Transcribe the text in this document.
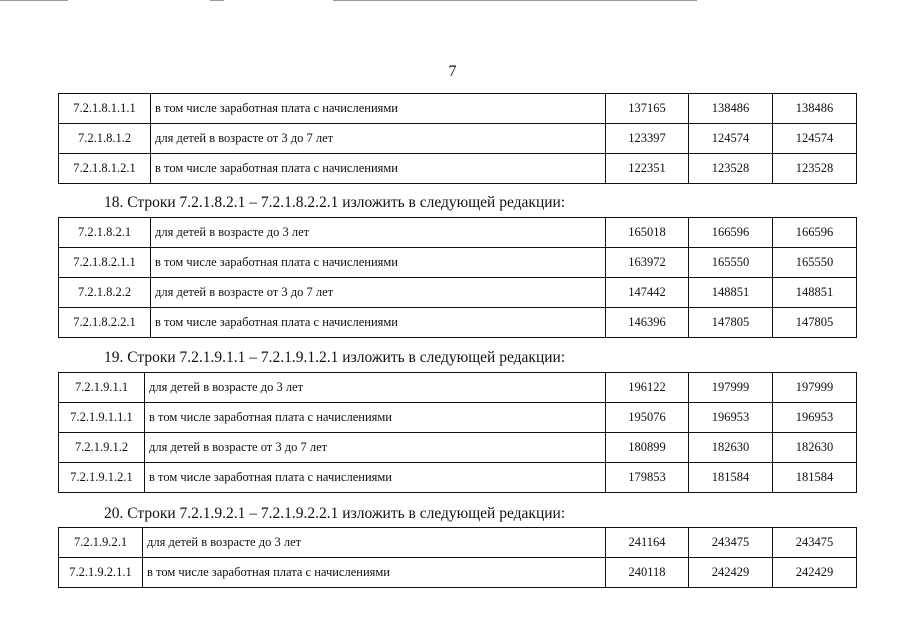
7
7.2.1.8.1.1.1	в том числе заработная плата с начислениями	137165	138486	138486
7.2.1.8.1.2	для детей в возрасте от 3 до 7 лет	123397	124574	124574
7.2.1.8.1.2.1	в том числе заработная плата с начислениями	122351	123528	123528
18. Строки 7.2.1.8.2.1 – 7.2.1.8.2.2.1 изложить в следующей редакции:
7.2.1.8.2.1	для детей в возрасте до 3 лет	165018	166596	166596
7.2.1.8.2.1.1	в том числе заработная плата с начислениями	163972	165550	165550
7.2.1.8.2.2	для детей в возрасте от 3 до 7 лет	147442	148851	148851
7.2.1.8.2.2.1	в том числе заработная плата с начислениями	146396	147805	147805
19. Строки 7.2.1.9.1.1 – 7.2.1.9.1.2.1 изложить в следующей редакции:
7.2.1.9.1.1	для детей в возрасте до 3 лет	196122	197999	197999
7.2.1.9.1.1.1	в том числе заработная плата с начислениями	195076	196953	196953
7.2.1.9.1.2	для детей в возрасте от 3 до 7 лет	180899	182630	182630
7.2.1.9.1.2.1	в том числе заработная плата с начислениями	179853	181584	181584
20. Строки 7.2.1.9.2.1 – 7.2.1.9.2.2.1 изложить в следующей редакции:
7.2.1.9.2.1	для детей в возрасте до 3 лет	241164	243475	243475
7.2.1.9.2.1.1	в том числе заработная плата с начислениями	240118	242429	242429
